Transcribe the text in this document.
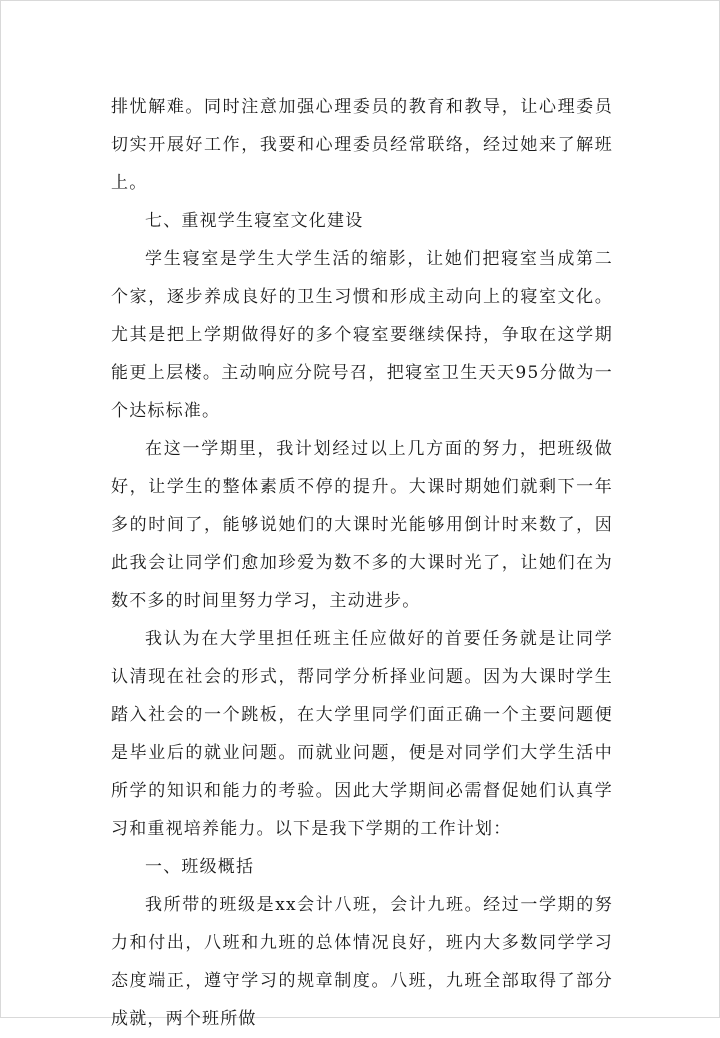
排忧解难。同时注意加强心理委员的教育和教导，让心理委员切实开展好工作，我要和心理委员经常联络，经过她来了解班上。

七、重视学生寝室文化建设

学生寝室是学生大学生活的缩影，让她们把寝室当成第二个家，逐步养成良好的卫生习惯和形成主动向上的寝室文化。尤其是把上学期做得好的多个寝室要继续保持，争取在这学期能更上层楼。主动响应分院号召，把寝室卫生天天95分做为一个达标标准。

在这一学期里，我计划经过以上几方面的努力，把班级做好，让学生的整体素质不停的提升。大课时期她们就剩下一年多的时间了，能够说她们的大课时光能够用倒计时来数了，因此我会让同学们愈加珍爱为数不多的大课时光了，让她们在为数不多的时间里努力学习，主动进步。

我认为在大学里担任班主任应做好的首要任务就是让同学认清现在社会的形式，帮同学分析择业问题。因为大课时学生踏入社会的一个跳板，在大学里同学们面正确一个主要问题便是毕业后的就业问题。而就业问题，便是对同学们大学生活中所学的知识和能力的考验。因此大学期间必需督促她们认真学习和重视培养能力。以下是我下学期的工作计划：

一、班级概括

我所带的班级是xx会计八班，会计九班。经过一学期的努力和付出，八班和九班的总体情况良好，班内大多数同学学习态度端正，遵守学习的规章制度。八班，九班全部取得了部分成就，两个班所做
